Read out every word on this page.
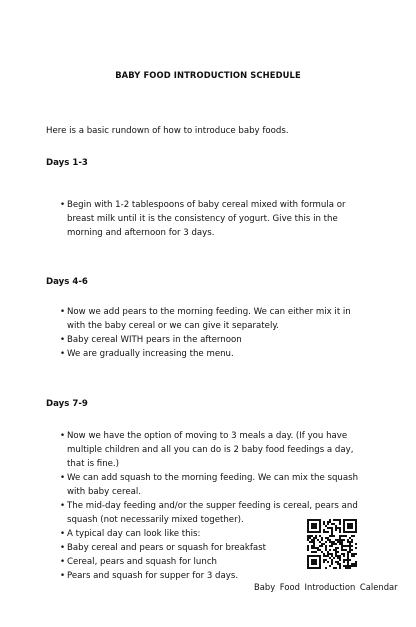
BABY FOOD INTRODUCTION SCHEDULE
Here is a basic rundown of how to introduce baby foods.
Days 1-3
• Begin with 1-2 tablespoons of baby cereal mixed with formula or breast milk until it is the consistency of yogurt. Give this in the morning and afternoon for 3 days.
Days 4-6
• Now we add pears to the morning feeding. We can either mix it in with the baby cereal or we can give it separately.
• Baby cereal WITH pears in the afternoon
• We are gradually increasing the menu.
Days 7-9
• Now we have the option of moving to 3 meals a day. (If you have multiple children and all you can do is 2 baby food feedings a day, that is fine.)
• We can add squash to the morning feeding. We can mix the squash with baby cereal.
• The mid-day feeding and/or the supper feeding is cereal, pears and squash (not necessarily mixed together).
• A typical day can look like this:
• Baby cereal and pears or squash for breakfast
• Cereal, pears and squash for lunch
• Pears and squash for supper for 3 days.
Baby Food Introduction Calendar
